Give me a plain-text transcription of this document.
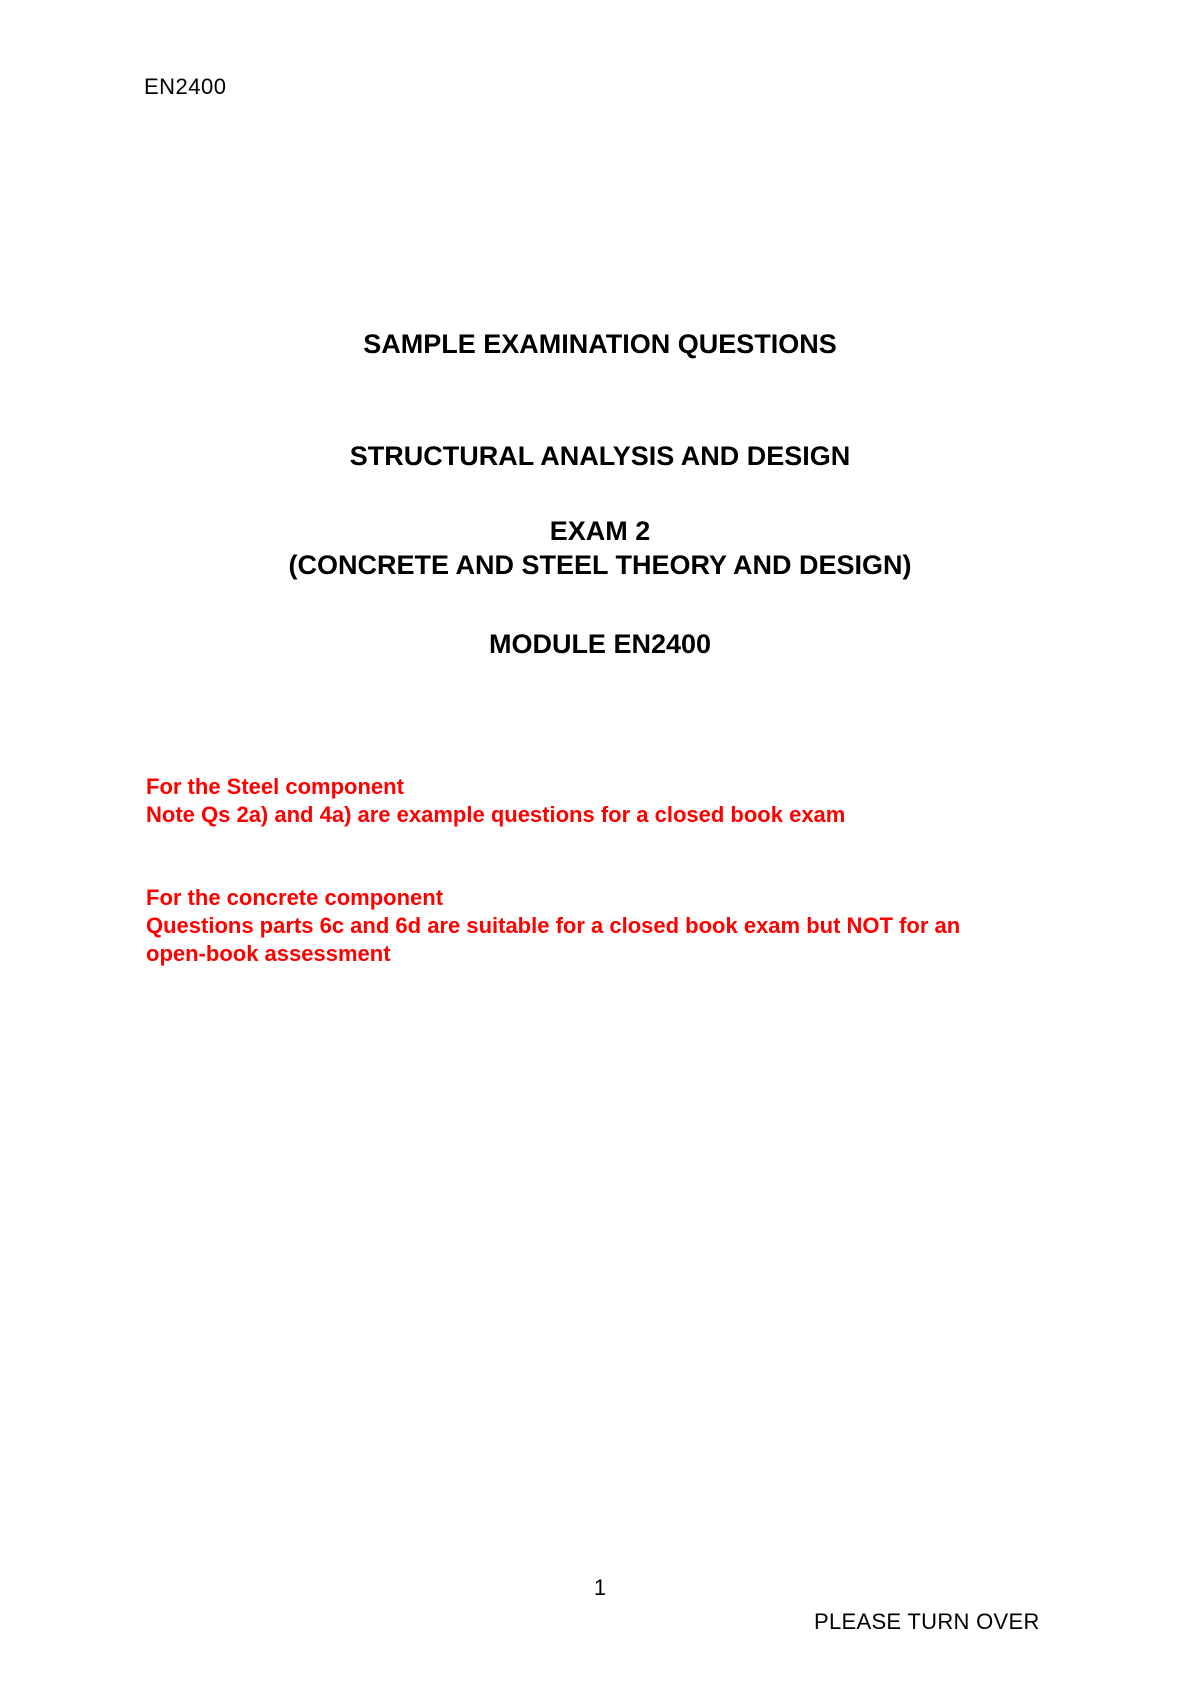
EN2400
SAMPLE EXAMINATION QUESTIONS
STRUCTURAL ANALYSIS AND DESIGN
EXAM 2
(CONCRETE AND STEEL THEORY AND DESIGN)
MODULE EN2400
For the Steel component
Note Qs 2a) and 4a) are example questions for a closed book exam
For the concrete component
Questions parts 6c and 6d are suitable for a closed book exam but NOT for an
open-book assessment
1
PLEASE TURN OVER
